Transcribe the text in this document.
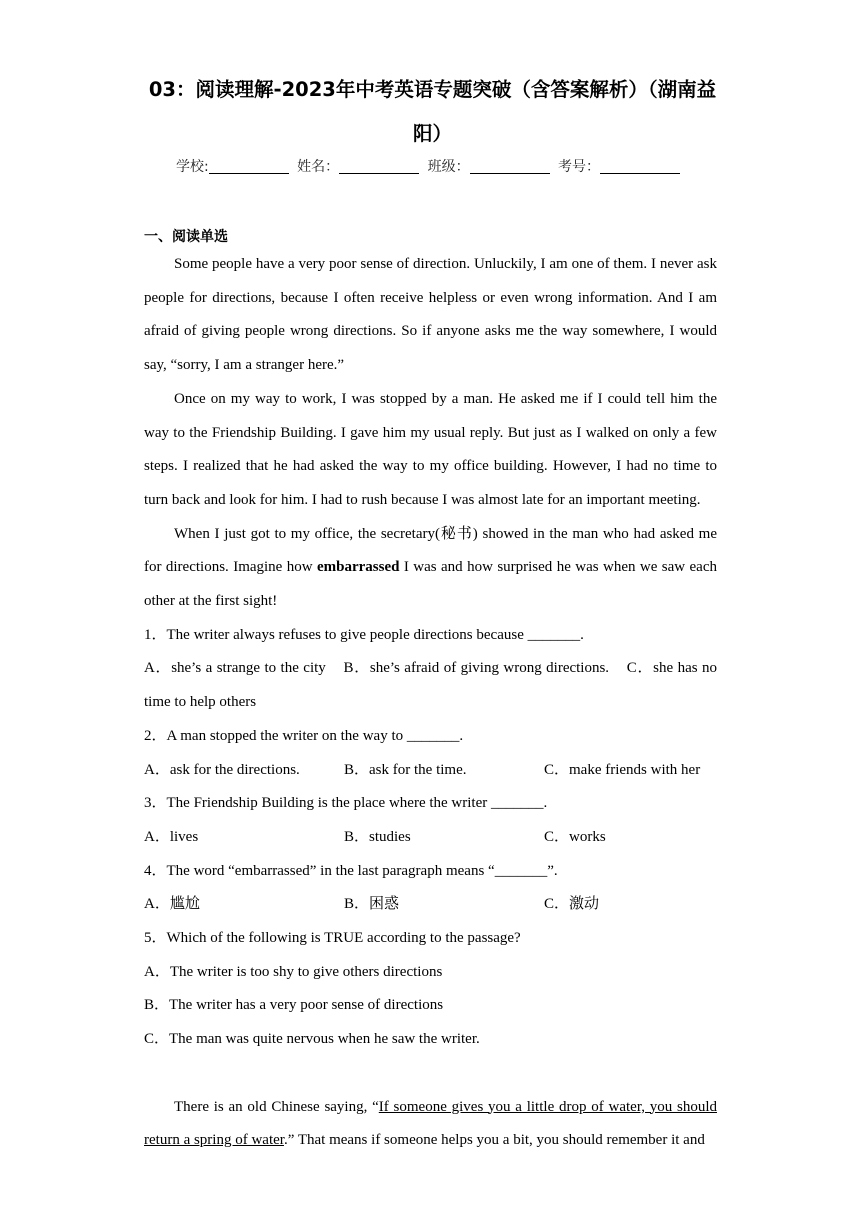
03：阅读理解-2023年中考英语专题突破（含答案解析）（湖南益阳）
学校:	姓名：	班级：	考号：
一、阅读单选

Some people have a very poor sense of direction. Unluckily, I am one of them. I never ask people for directions, because I often receive helpless or even wrong information. And I am afraid of giving people wrong directions. So if anyone asks me the way somewhere, I would say, “sorry, I am a stranger here.”

Once on my way to work, I was stopped by a man. He asked me if I could tell him the way to the Friendship Building. I gave him my usual reply. But just as I walked on only a few steps. I realized that he had asked the way to my office building. However, I had no time to turn back and look for him. I had to rush because I was almost late for an important meeting.

When I just got to my office, the secretary(秘书) showed in the man who had asked me for directions. Imagine how embarrassed I was and how surprised he was when we saw each other at the first sight!

1．The writer always refuses to give people directions because _______.

A．she’s a strange to the city    B．she’s afraid of giving wrong directions.    C．she has no time to help others

2．A man stopped the writer on the way to _______.

A．ask for the directions.	B．ask for the time.	C．make friends with her

3．The Friendship Building is the place where the writer _______.

A．lives	B．studies	C．works

4．The word “embarrassed” in the last paragraph means “_______”.

A．尴尬	B．困惑	C．激动

5．Which of the following is TRUE according to the passage?

A．The writer is too shy to give others directions

B．The writer has a very poor sense of directions

C．The man was quite nervous when he saw the writer.

There is an old Chinese saying, “If someone gives you a little drop of water, you should return a spring of water.” That means if someone helps you a bit, you should remember it and
